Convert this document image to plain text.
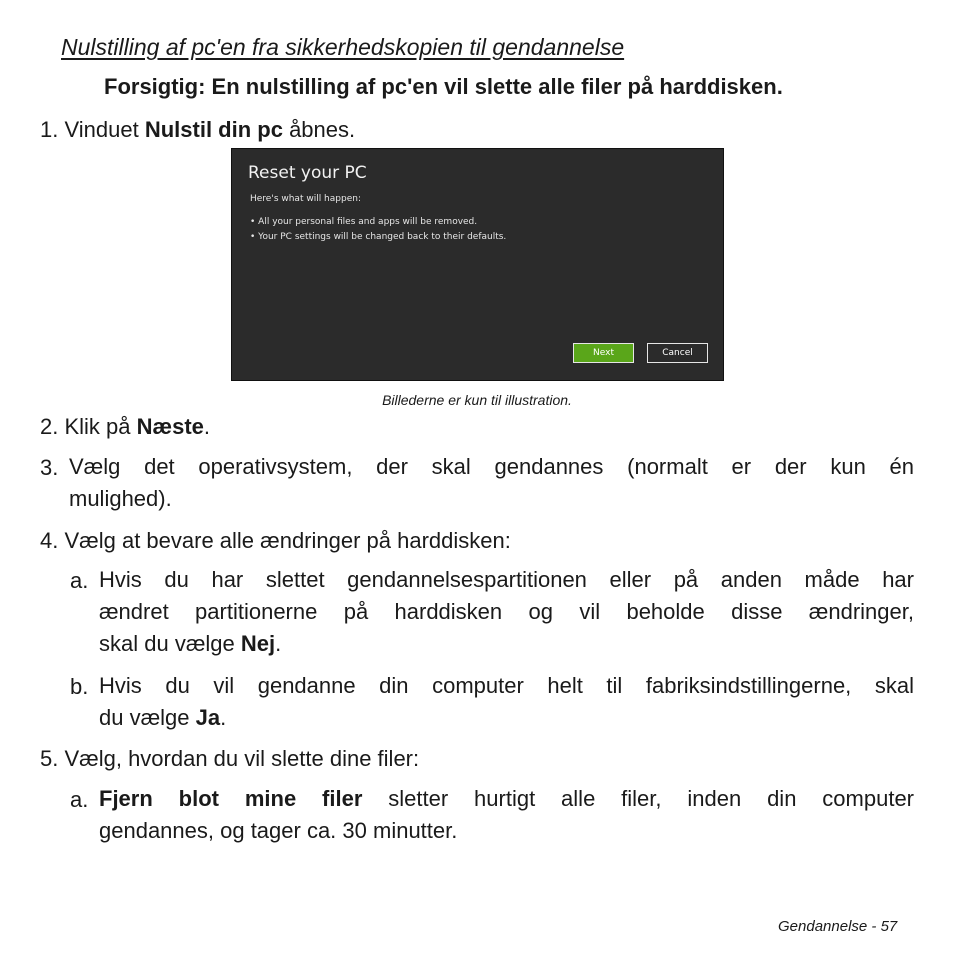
Nulstilling af pc'en fra sikkerhedskopien til gendannelse
Forsigtig: En nulstilling af pc'en vil slette alle filer på harddisken.
1. Vinduet Nulstil din pc åbnes.
Reset your PC
Here's what will happen:
• All your personal files and apps will be removed.
• Your PC settings will be changed back to their defaults.
Next	Cancel
Billederne er kun til illustration.
2. Klik på Næste.
3. Vælg det operativsystem, der skal gendannes (normalt er der kun én
mulighed).
4. Vælg at bevare alle ændringer på harddisken:
a. Hvis du har slettet gendannelsespartitionen eller på anden måde har
ændret partitionerne på harddisken og vil beholde disse ændringer,
skal du vælge Nej.
b. Hvis du vil gendanne din computer helt til fabriksindstillingerne, skal
du vælge Ja.
5. Vælg, hvordan du vil slette dine filer:
a. Fjern blot mine filer sletter hurtigt alle filer, inden din computer
gendannes, og tager ca. 30 minutter.
Gendannelse - 57
